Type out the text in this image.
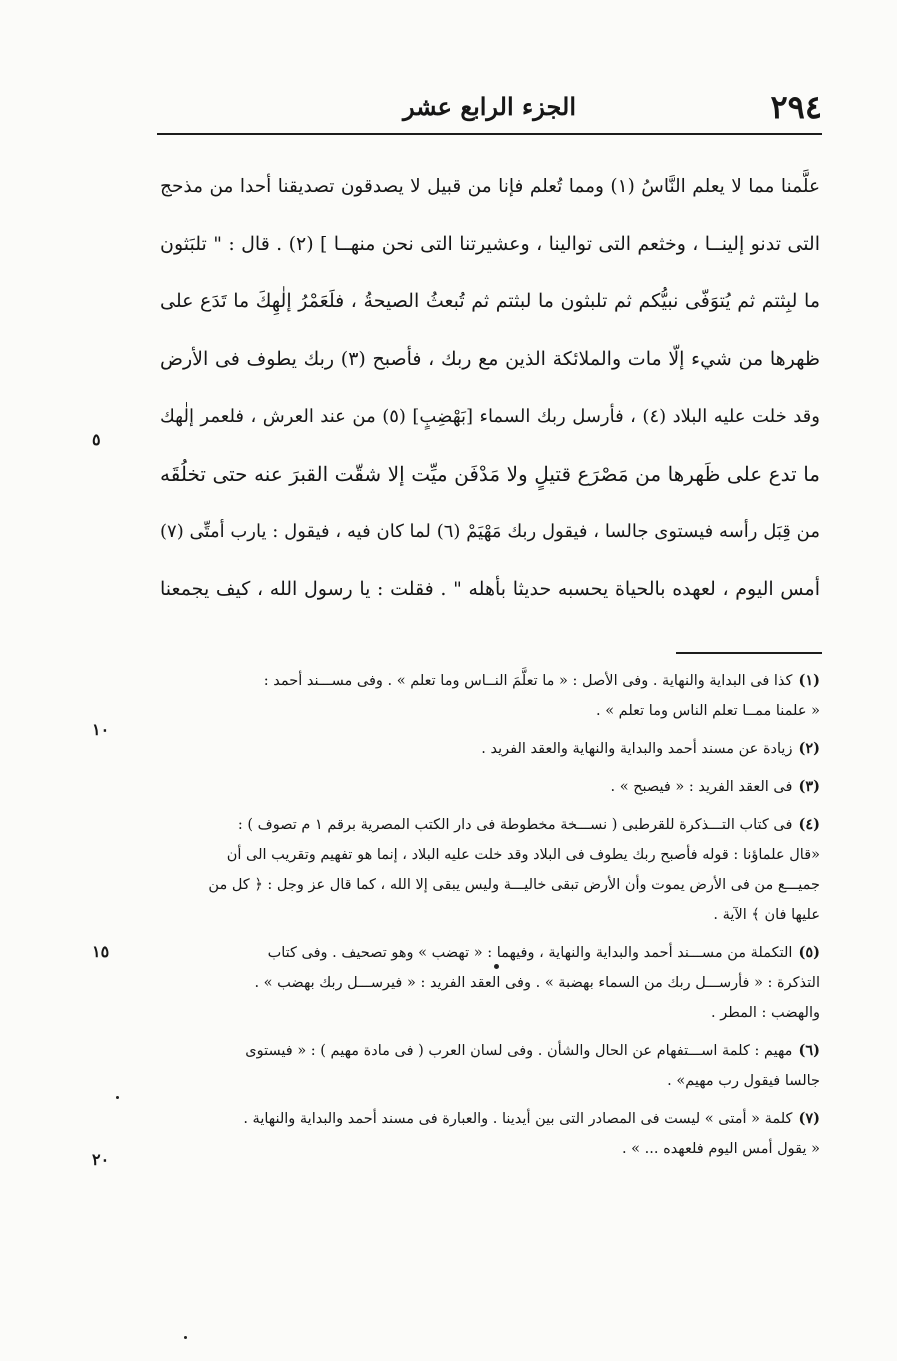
٢٩٤
الجزء الرابع عشر

علَّمنا مما لا يعلم النَّاسُ (١) ومما تُعلم فإنا من قبيل لا يصدقون تصديقنا أحدا من مذحج
التى تدنو إلينــا ، وخثعم التى توالينا ، وعشيرتنا التى نحن منهــا ] (٢) . قال : " تلبَثون
ما لبِثتم ثم يُتوَفّى نبيُّكم ثم تلبثون ما لبثتم ثم تُبعثُ الصيحةُ ، فلَعَمْرُ إلٰهِكَ ما تَدَع على
ظهرها من شيء إلّا مات والملائكة الذين مع ربك ، فأصبح (٣) ربك يطوف فى الأرض
وقد خلت عليه البلاد (٤) ، فأرسل ربك السماء [بَهْضِبٍ] (٥) من عند العرش ، فلعمر إلٰهك
ما تدع على ظَهرها من مَصْرَع قتيلٍ ولا مَدْفَن ميِّت إلا شقّت القبرَ عنه حتى تخلُقَه
من قِبَل رأسه فيستوى جالسا ، فيقول ربك مَهْيَمْ (٦) لما كان فيه ، فيقول : يارب أمتِّى (٧)
أمس اليوم ، لعهده بالحياة يحسبه حديثا بأهله " . فقلت : يا رسول الله ، كيف يجمعنا

(١)كذا فى البداية والنهاية . وفى الأصل : « ما تعلَّمَ النــاس وما تعلم » . وفى مســـند أحمد :
« علمنا ممــا تعلم الناس وما تعلم » .
(٢)زيادة عن مسند أحمد والبداية والنهاية والعقد الفريد .
(٣)فى العقد الفريد : « فيصبح » .
(٤)فى كتاب التـــذكرة للقرطبى ( نســـخة مخطوطة فى دار الكتب المصرية برقم ١ م تصوف ) :
«قال علماؤنا : قوله فأصبح ربك يطوف فى البلاد وقد خلت عليه البلاد ، إنما هو تفهيم وتقريب الى أن
جميـــع من فى الأرض يموت وأن الأرض تبقى خاليـــة وليس يبقى إلا الله ، كما قال عز وجل : ﴿ كل من
عليها فان ﴾ الآية .
(٥)التكملة من مســـند أحمد والبداية والنهاية ، وفيهما : « تهضب » وهو تصحيف . وفى كتاب
التذكرة : « فأرســـل ربك من السماء بهضبة » . وفى العقد الفريد : « فيرســـل ربك بهضب » .
والهضب : المطر .
(٦)مهيم : كلمة اســـتفهام عن الحال والشأن . وفى لسان العرب ( فى مادة مهيم ) : « فيستوى
جالسا فيقول رب مهيم» .
(٧)كلمة « أمتى » ليست فى المصادر التى بين أيدينا . والعبارة فى مسند أحمد والبداية والنهاية .
« يقول أمس اليوم فلعهده ... » .
٥
١٠
١٥
٢٠
